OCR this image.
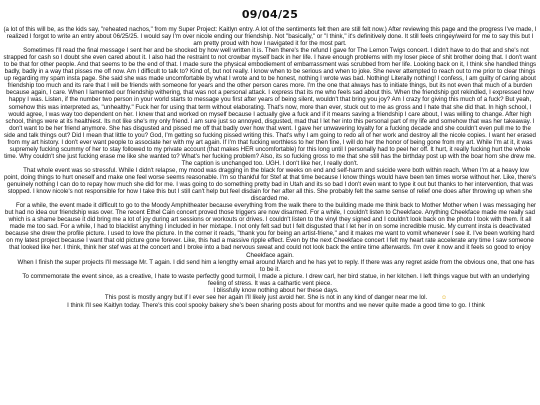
09/04/25

(a lot of this will be, as the kids say, "reheated nachos," from my Super Project: Kaitlyn entry. A lot of the sentiments felt then are still felt now.) After reviewing this page and the progress I've made, I realized I forgot to write an entry about 06/25/25. I would say I'm over nicole ending our friendship. Not "basically," or "I think," it's definitively done. It still feels cringey/weird for me to say this but I am pretty proud with how I navigated it for the most part.

Sometimes I'll read the final message I sent her and be shocked by how well written it is. Then there's the refund I gave for The Lemon Twigs concert. I didn't have to do that and she's not strapped for cash so I doubt she even cared about it. I also had the restraint to not crowbar myself back in her life. I have enough problems with my loser piece of shit brother doing that. I don't want to be that for other people. And that seems to be the end of that. I made sure the physical embodiement of embarrassment was scrubbed from her life. Looking back on it, I think she handled things badly, badly in a way that pisses me off now. Am I difficult to talk to? Kind of, but not really. I know when to be serious and when to joke. She never attempted to reach out to me prior to clear things up regarding my spam insta page. She said she was made uncomfortable by what I wrote and to be honest, nothing I wrote was bad. Nothing! Literally nothing! I confess, I am guilty of caring about friendship too much and its rare that I will be friends with someone for years and the other person cares more. I'm the one that always has to initiate things, but its not even that much of a burden because again, I care. When I lamented our friendship withering, that was not a personal attack. I express that its me who feels sad about this. When the friendship got rekindled, I expressed how happy I was. Listen, if the number two person in your world starts to message you first after years of being silent, wouldn't that bring you joy? Am I crazy for giving this much of a fuck? But yeah, somehow this was interpreted as, "unhealthy." Fuck her for using that term without elaborating. That's now, more than ever, stuck out to me as gross and I hate that she did that. In high school, I would agree, I was way too dependent on her. I knew that and worked on myself because I actually give a fuck and if it means saving a friendship I care about, I was willing to change. After high school, things were at its healthiest. Its not like she's my only friend. I am sure just so annoyed, disgusted, mad that I let her into this personal part of my life and somehow that was her takeaway. I don't want to be her friend anymore. She has disgusted and pissed me off that badly over how that went. I gave her unwavering loyalty for a fucking decade and she couldn't even pull me to the side and talk things out? Did I mean that little to you? God, I'm getting so fucking pissed writing this. That's why I am going to redo all of her work and destroy all the nicole copies. I want her erased from my art history. I don't ever want people to associate her with my art again. If I'm that fucking worthless to her then fine, I will do her the honor of being gone from my art. While I'm at it, it was supremely fucking scummy of her to stay followed to my private account (that makes HER uncomfortable) for this long until I personally had to peel her off. It hurt, it really fucking hurt the whole time. Why couldn't she just fucking erase me like she wanted to? What's her fucking problem? Also, its so fucking gross to me that she still has the birthday post up with the boar horn she drew me. The caption is unchanged too. UGH. I don't like her, I really don't.

That whole event was so stressful. While I didn't relapse, my mood was dragging in the black for weeks on end and self-harm and suicide were both within reach. When I'm at a heavy low point, doing things to hurt oneself and make one feel worse seems reasonable. I'm so thankful for Stef at that time because I know things would have been ten times worse without her. Like, there's genuinely nothing I can do to repay how much she did for me. I was going to do something pretty bad in Utah and its so bad I don't even want to type it out but thanks to her intervention, that was stopped. I know nicole's not responsible for how I take this but I still can't help but feel disdain for her after all this. She probably felt the same sense of relief one does after throwing up when she discarded me.

For a while, the event made it difficult to go to the Moody Amphitheater because everything from the walk there to the building made me think back to Mother Mother when I was messaging her but had no idea our friendship was over. The recent Ethel Cain concert proved those triggers are now disarmed. For a while, I couldn't listen to Cheekface. Anything Cheekface made me really sad which is a shame because it did bring me a lot of joy during art sessions or workouts or drives. I couldn't listen to the vinyl they signed and I couldn't look back on the photo I took with them. It all made me too sad. For a while, I had to blacklist anything I included in her mixtape. I not only felt sad but I felt disgusted that I let her in on some incredible music. My current insta is deactivated because she drew the profile picture. I used to love the picture. In the corner it reads, "thank you for being an artist-friene," and it makes me want to vomit whenever I see it. I've been working hard on my latest project because I want that old picture gone forever. Like, this had a massive ripple effect. Even by the next Cheekface concert I felt my heart rate accelerate any time I saw someone that looked like her. I think, think her stef was at the concert and I broke into a bad nervous sweat and could not look back the entire time afterwards. I'm over it now and it feels so good to enjoy Cheekface again.

When I finish the super projects I'll message Mr. T again. I did send him a lengthy email around March and he has yet to reply. If there was any regret aside from the obvious one, that one has to be it.

To commemorate the event since, as a creative, I hate to waste perfectly good turmoil, I made a picture. I drew carl, her bird statue, in her kitchen. I left things vague but with an underlying feeling of stress. It was a cathartic vent piece.

I blissfully know nothing about her these days.

This post is mostly angry but if I ever see her again I'll likely just avoid her. She is not in any kind of danger near me lol. ☺

I think I'll see Kaitlyn today. There's this cool spooky bakery she's been sharing posts about for months and we never quite made a good time to go. I think
